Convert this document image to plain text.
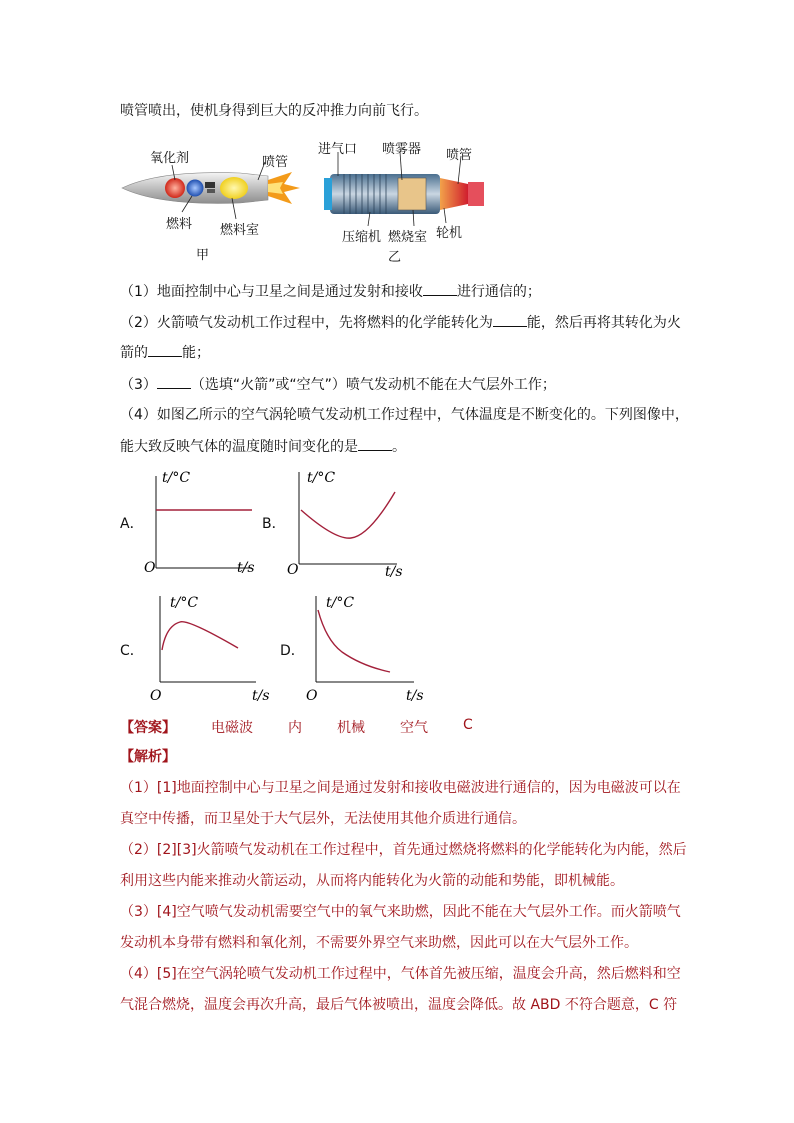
喷管喷出，使机身得到巨大的反冲推力向前飞行。
氧化剂	喷管
燃料 燃料室
甲
进气口 喷雾器 喷管
压缩机 燃烧室 轮机
乙
（1）地面控制中心与卫星之间是通过发射和接收 进行通信的；
（2）火箭喷气发动机工作过程中，先将燃料的化学能转化为 能，然后再将其转化为火
箭的 能；
（3） （选填“火箭”或“空气”）喷气发动机不能在大气层外工作；
（4）如图乙所示的空气涡轮喷气发动机工作过程中，气体温度是不断变化的。下列图像中，
能大致反映气体的温度随时间变化的是 。
A．
t/°C
t/s
O
B．
t/°C
t/s
O
C．
t/°C
t/s
O
D．
t/°C
t/s
O
【答案】	电磁波	内	机械	空气	C
【解析】
（1）[1]地面控制中心与卫星之间是通过发射和接收电磁波进行通信的，因为电磁波可以在
真空中传播，而卫星处于大气层外，无法使用其他介质进行通信。
（2）[2][3]火箭喷气发动机在工作过程中，首先通过燃烧将燃料的化学能转化为内能，然后
利用这些内能来推动火箭运动，从而将内能转化为火箭的动能和势能，即机械能。
（3）[4]空气喷气发动机需要空气中的氧气来助燃，因此不能在大气层外工作。而火箭喷气
发动机本身带有燃料和氧化剂，不需要外界空气来助燃，因此可以在大气层外工作。
（4）[5]在空气涡轮喷气发动机工作过程中，气体首先被压缩，温度会升高，然后燃料和空
气混合燃烧，温度会再次升高，最后气体被喷出，温度会降低。故 ABD 不符合题意，C 符
